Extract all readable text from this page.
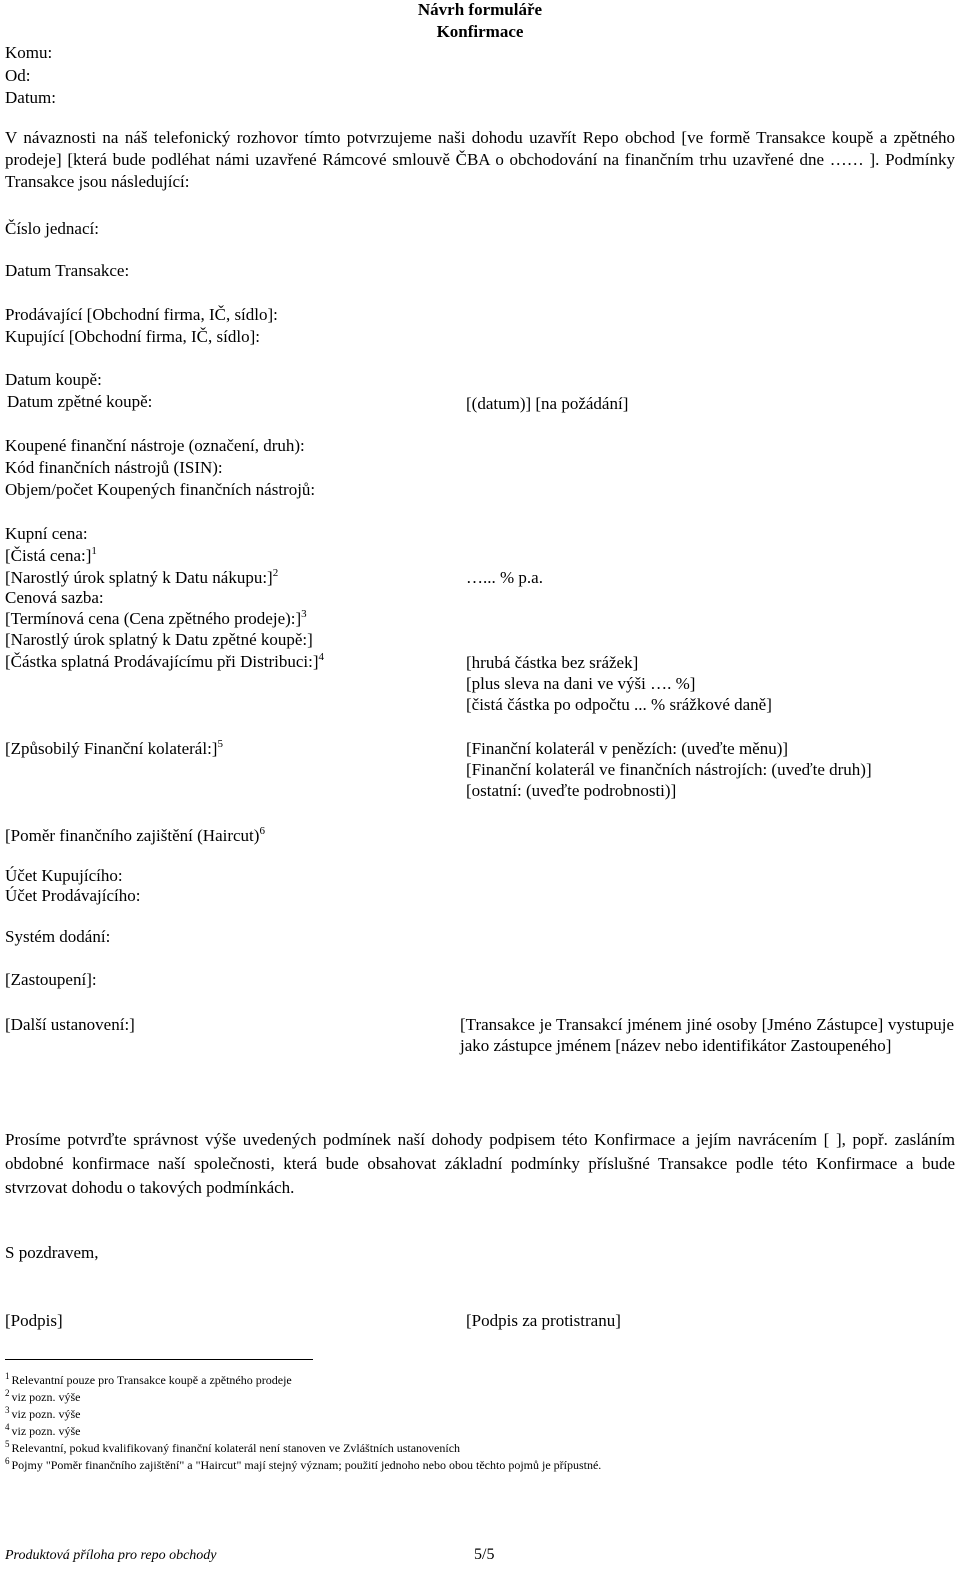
Návrh formuláře
Konfirmace
Komu:
Od:
Datum:
V návaznosti na náš telefonický rozhovor tímto potvrzujeme naši dohodu uzavřít Repo obchod [ve formě Transakce koupě a zpětného prodeje] [která bude podléhat námi uzavřené Rámcové smlouvě ČBA o obchodování na finančním trhu uzavřené dne …… ]. Podmínky Transakce jsou následující:
Číslo jednací:
Datum Transakce:
Prodávající [Obchodní firma, IČ, sídlo]:
Kupující [Obchodní firma, IČ, sídlo]:
Datum koupě:
Datum zpětné koupě:	[(datum)] [na požádání]
Koupené finanční nástroje (označení, druh):
Kód finančních nástrojů (ISIN):
Objem/počet Koupených finančních nástrojů:
Kupní cena:
[Čistá cena:]$^1$
[Narostlý úrok splatný k Datu nákupu:]$^2$	…... % p.a.
Cenová sazba:
[Termínová cena (Cena zpětného prodeje):]$^3$
[Narostlý úrok splatný k Datu zpětné koupě:]
[Částka splatná Prodávajícímu při Distribuci:]$^4$	[hrubá částka bez srážek]
[plus sleva na dani ve výši …. %]
[čistá částka po odpočtu ... % srážkové daně]
[Způsobilý Finanční kolaterál:]$^5$	[Finanční kolaterál v penězích: (uveďte měnu)]
[Finanční kolaterál ve finančních nástrojích: (uveďte druh)]
[ostatní: (uveďte podrobnosti)]
[Poměr finančního zajištění (Haircut)$^6$
Účet Kupujícího:
Účet Prodávajícího:
Systém dodání:
[Zastoupení]:
[Další ustanovení:]	[Transakce je Transakcí jménem jiné osoby [Jméno Zástupce] vystupuje jako zástupce jménem [název nebo identifikátor Zastoupeného]
Prosíme potvrďte správnost výše uvedených podmínek naší dohody podpisem této Konfirmace a jejím navrácením [ ], popř. zasláním obdobné konfirmace naší společnosti, která bude obsahovat základní podmínky příslušné Transakce podle této Konfirmace a bude stvrzovat dohodu o takových podmínkách.
S pozdravem,
[Podpis]	[Podpis za protistranu]
$^1$ Relevantní pouze pro Transakce koupě a zpětného prodeje
$^2$ viz pozn. výše
$^3$ viz pozn. výše
$^4$ viz pozn. výše
$^5$ Relevantní, pokud kvalifikovaný finanční kolaterál není stanoven ve Zvláštních ustanoveních
$^6$ Pojmy "Poměr finančního zajištění" a "Haircut" mají stejný význam; použití jednoho nebo obou těchto pojmů je přípustné.
Produktová příloha pro repo obchody	5/5
